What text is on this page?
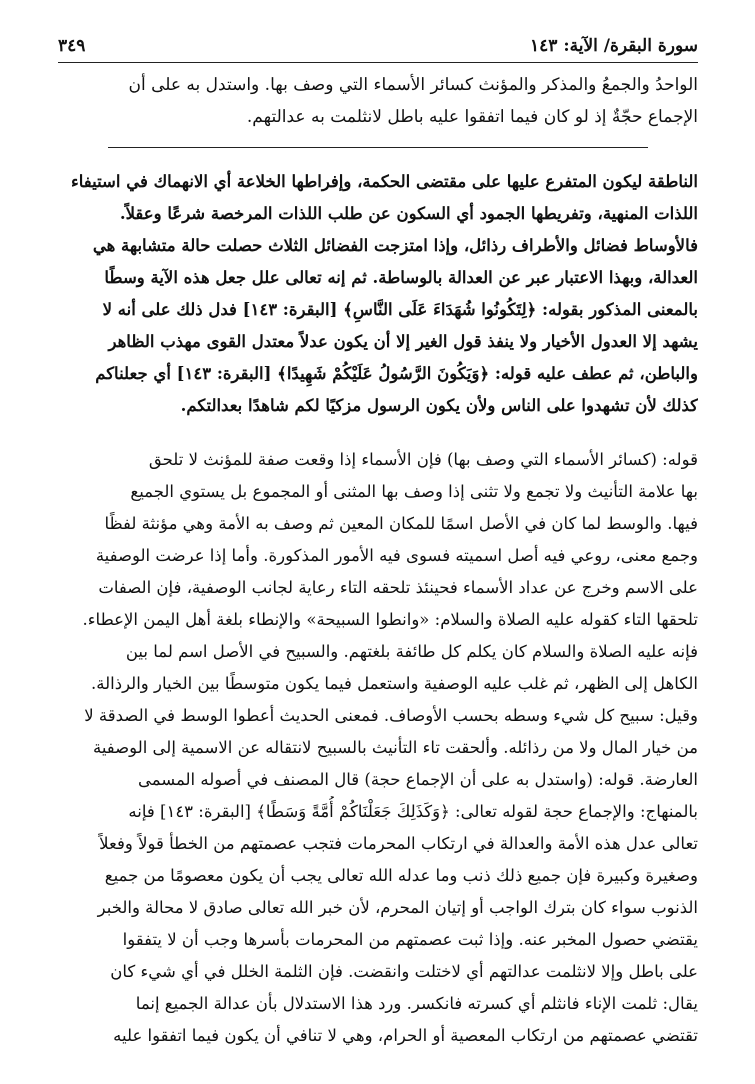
سورة البقرة/ الآية: ١٤٣
٣٤٩

الواحدُ والجمعُ والمذكر والمؤنث كسائر الأسماء التي وصف بها. واستدل به على أن

الإجماع حجّةٌ إذ لو كان فيما اتفقوا عليه باطل لانثلمت به عدالتهم.

الناطقة ليكون المتفرع عليها على مقتضى الحكمة، وإفراطها الخلاعة أي الانهماك في استيفاء

اللذات المنهية، وتفريطها الجمود أي السكون عن طلب اللذات المرخصة شرعًا وعقلاً.

فالأوساط فضائل والأطراف رذائل، وإذا امتزجت الفضائل الثلاث حصلت حالة متشابهة هي

العدالة، وبهذا الاعتبار عبر عن العدالة بالوساطة. ثم إنه تعالى علل جعل هذه الآية وسطًا

بالمعنى المذكور بقوله: ﴿لِتَكُونُوا شُهَدَاءَ عَلَى النَّاسِ﴾ [البقرة: ١٤٣] فدل ذلك على أنه لا

يشهد إلا العدول الأخيار ولا ينفذ قول الغير إلا أن يكون عدلاً معتدل القوى مهذب الظاهر

والباطن، ثم عطف عليه قوله: ﴿وَيَكُونَ الرَّسُولُ عَلَيْكُمْ شَهِيدًا﴾ [البقرة: ١٤٣] أي جعلناكم

كذلك لأن تشهدوا على الناس ولأن يكون الرسول مزكيًا لكم شاهدًا بعدالتكم.

قوله: (كسائر الأسماء التي وصف بها) فإن الأسماء إذا وقعت صفة للمؤنث لا تلحق

بها علامة التأنيث ولا تجمع ولا تثنى إذا وصف بها المثنى أو المجموع بل يستوي الجميع

فيها. والوسط لما كان في الأصل اسمًا للمكان المعين ثم وصف به الأمة وهي مؤنثة لفظًا

وجمع معنى، روعي فيه أصل اسميته فسوى فيه الأمور المذكورة. وأما إذا عرضت الوصفية

على الاسم وخرج عن عداد الأسماء فحينئذ تلحقه التاء رعاية لجانب الوصفية، فإن الصفات

تلحقها التاء كقوله عليه الصلاة والسلام: «وانطوا السبيحة» والإنطاء بلغة أهل اليمن الإعطاء.

فإنه عليه الصلاة والسلام كان يكلم كل طائفة بلغتهم. والسبيح في الأصل اسم لما بين

الكاهل إلى الظهر، ثم غلب عليه الوصفية واستعمل فيما يكون متوسطًا بين الخيار والرذالة.

وقيل: سبيح كل شيء وسطه بحسب الأوصاف. فمعنى الحديث أعطوا الوسط في الصدقة لا

من خيار المال ولا من رذائله. وألحقت تاء التأنيث بالسبيح لانتقاله عن الاسمية إلى الوصفية

العارضة. قوله: (واستدل به على أن الإجماع حجة) قال المصنف في أصوله المسمى

بالمنهاج: والإجماع حجة لقوله تعالى: ﴿وَكَذَلِكَ جَعَلْنَاكُمْ أُمَّةً وَسَطًا﴾ [البقرة: ١٤٣] فإنه

تعالى عدل هذه الأمة والعدالة في ارتكاب المحرمات فتجب عصمتهم من الخطأ قولاً وفعلاً

وصغيرة وكبيرة فإن جميع ذلك ذنب وما عدله الله تعالى يجب أن يكون معصومًا من جميع

الذنوب سواء كان بترك الواجب أو إتيان المحرم، لأن خبر الله تعالى صادق لا محالة والخبر

يقتضي حصول المخبر عنه. وإذا ثبت عصمتهم من المحرمات بأسرها وجب أن لا يتفقوا

على باطل وإلا لانثلمت عدالتهم أي لاختلت وانقضت. فإن الثلمة الخلل في أي شيء كان

يقال: ثلمت الإناء فانثلم أي كسرته فانكسر. ورد هذا الاستدلال بأن عدالة الجميع إنما

تقتضي عصمتهم من ارتكاب المعصية أو الحرام، وهي لا تنافي أن يكون فيما اتفقوا عليه
